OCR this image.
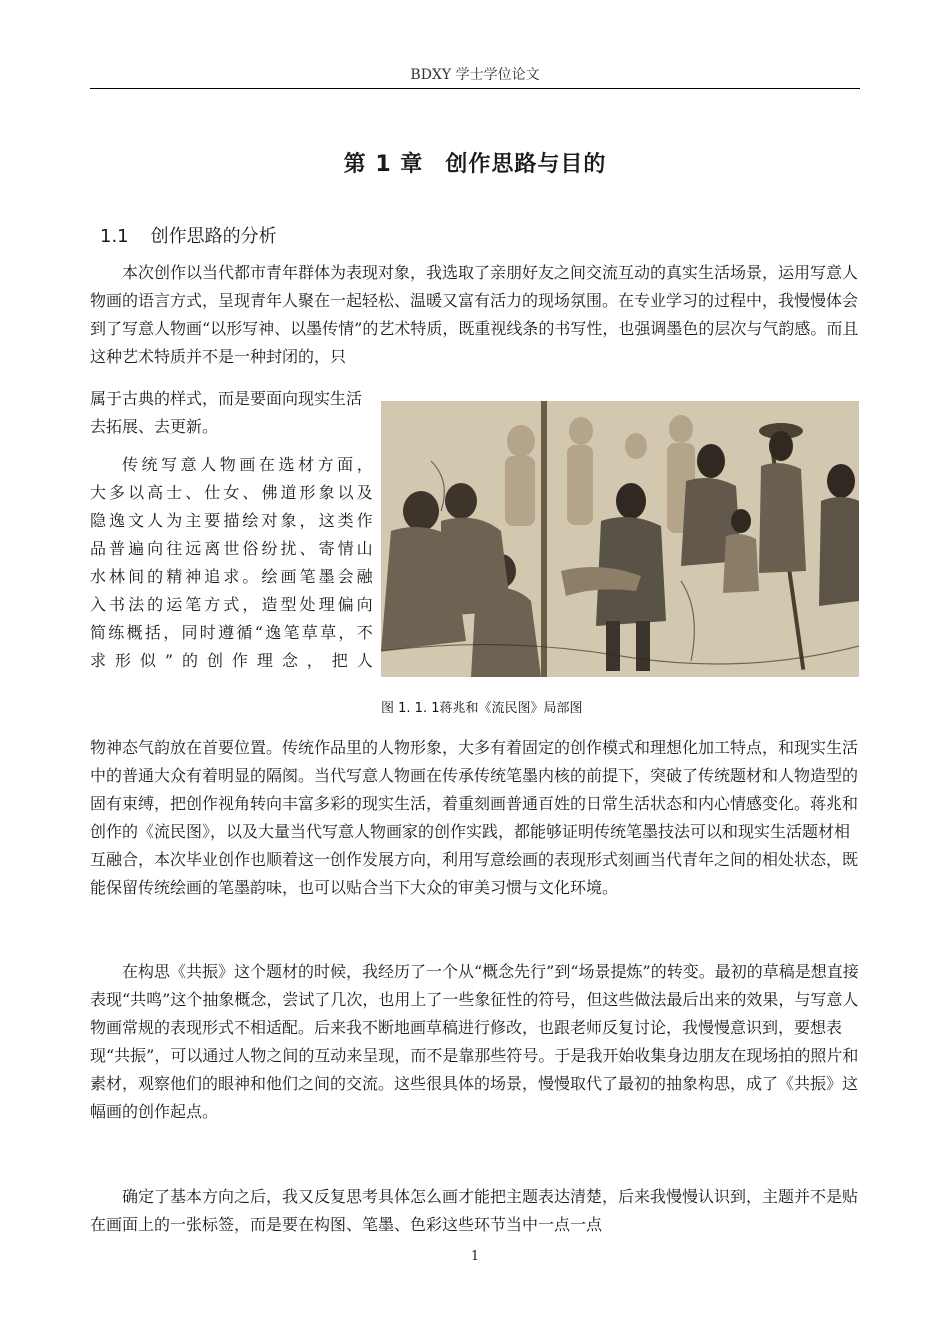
BDXY 学士学位论文
第 1 章 创作思路与目的
1.1 创作思路的分析

本次创作以当代都市青年群体为表现对象，我选取了亲朋好友之间交流互动的真实生活场景，运用写意人物画的语言方式，呈现青年人聚在一起轻松、温暖又富有活力的现场氛围。在专业学习的过程中，我慢慢体会到了写意人物画“以形写神、以墨传情”的艺术特质，既重视线条的书写性，也强调墨色的层次与气韵感。而且这种艺术特质并不是一种封闭的，只

属于古典的样式，而是要面向现实生活去拓展、去更新。

传统写意人物画在选材方面，大多以高士、仕女、佛道形象以及隐逸文人为主要描绘对象，这类作品普遍向往远离世俗纷扰、寄情山水林间的精神追求。绘画笔墨会融入书法的运笔方式，造型处理偏向简练概括，同时遵循“逸笔草草，不求形似”的创作理念，把人

图 1. 1. 1蒋兆和《流民图》局部图

物神态气韵放在首要位置。传统作品里的人物形象，大多有着固定的创作模式和理想化加工特点，和现实生活中的普通大众有着明显的隔阂。当代写意人物画在传承传统笔墨内核的前提下，突破了传统题材和人物造型的固有束缚，把创作视角转向丰富多彩的现实生活，着重刻画普通百姓的日常生活状态和内心情感变化。蒋兆和创作的《流民图》，以及大量当代写意人物画家的创作实践，都能够证明传统笔墨技法可以和现实生活题材相互融合，本次毕业创作也顺着这一创作发展方向，利用写意绘画的表现形式刻画当代青年之间的相处状态，既能保留传统绘画的笔墨韵味，也可以贴合当下大众的审美习惯与文化环境。

在构思《共振》这个题材的时候，我经历了一个从“概念先行”到“场景提炼”的转变。最初的草稿是想直接表现“共鸣”这个抽象概念，尝试了几次，也用上了一些象征性的符号，但这些做法最后出来的效果，与写意人物画常规的表现形式不相适配。后来我不断地画草稿进行修改，也跟老师反复讨论，我慢慢意识到，要想表现“共振”，可以通过人物之间的互动来呈现，而不是靠那些符号。于是我开始收集身边朋友在现场拍的照片和素材，观察他们的眼神和他们之间的交流。这些很具体的场景，慢慢取代了最初的抽象构思，成了《共振》这幅画的创作起点。

确定了基本方向之后，我又反复思考具体怎么画才能把主题表达清楚，后来我慢慢认识到，主题并不是贴在画面上的一张标签，而是要在构图、笔墨、色彩这些环节当中一点一点

1
